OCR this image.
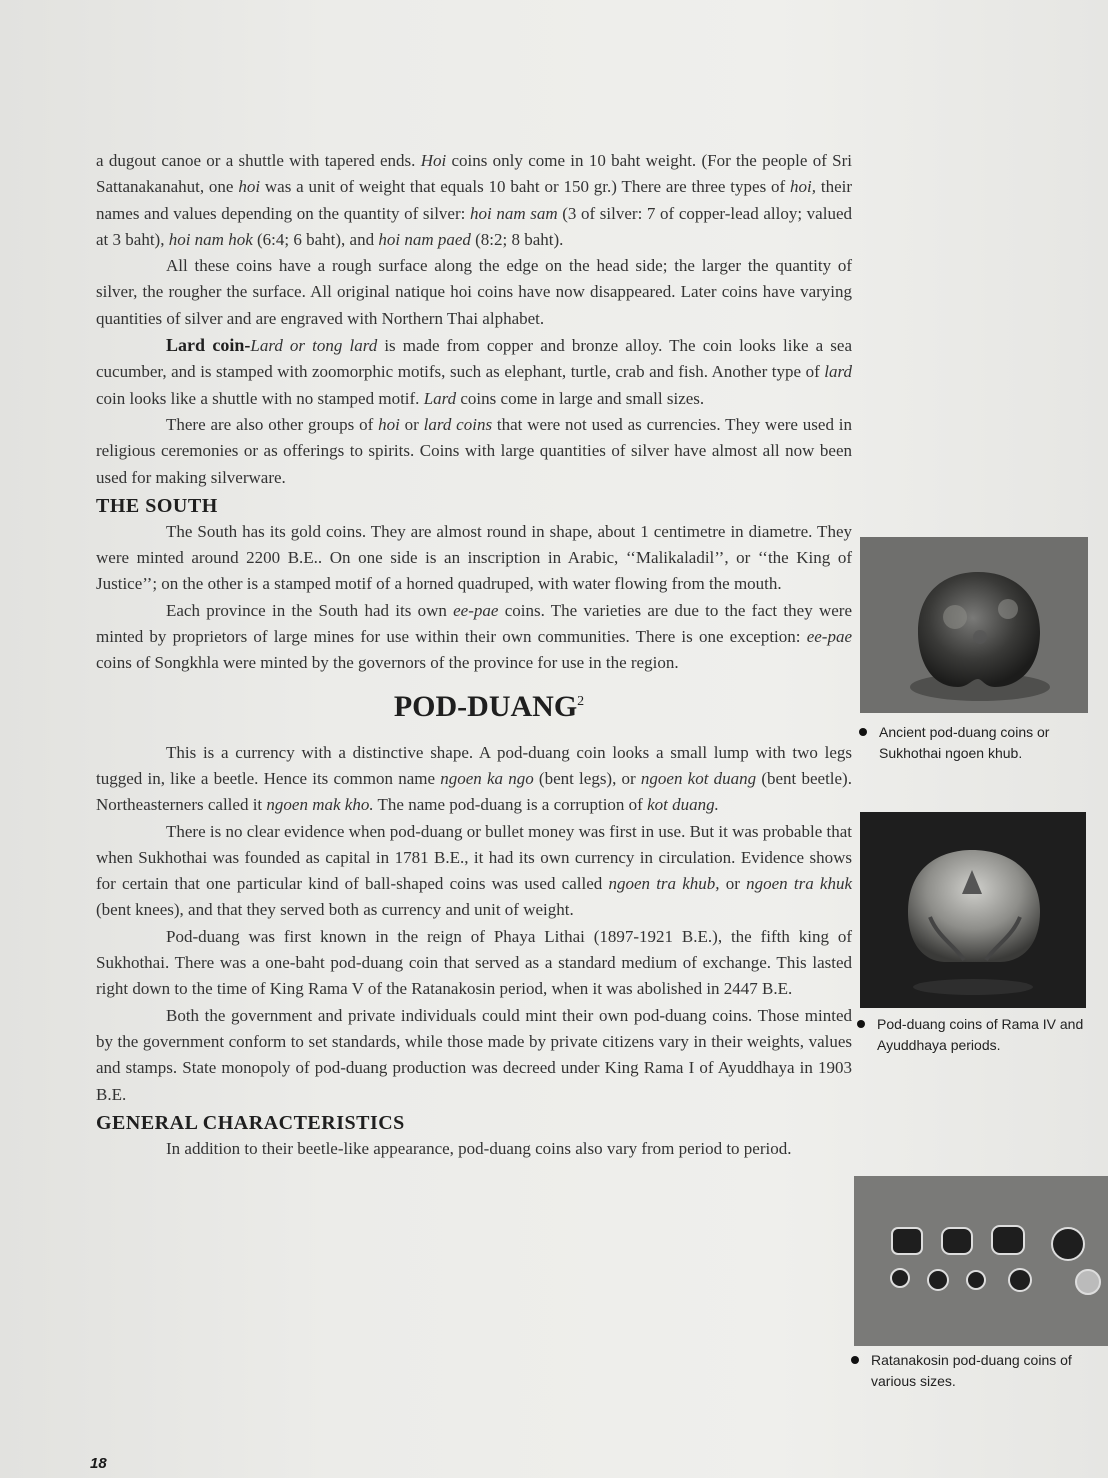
a dugout canoe or a shuttle with tapered ends. Hoi coins only come in 10 baht weight. (For the people of Sri Sattanakanahut, one hoi was a unit of weight that equals 10 baht or 150 gr.) There are three types of hoi, their names and values depending on the quantity of silver: hoi nam sam (3 of silver: 7 of copper-lead alloy; valued at 3 baht), hoi nam hok (6:4; 6 baht), and hoi nam paed (8:2; 8 baht).

All these coins have a rough surface along the edge on the head side; the larger the quantity of silver, the rougher the surface. All original natique hoi coins have now disappeared. Later coins have varying quantities of silver and are engraved with Northern Thai alphabet.

Lard coin-Lard or tong lard is made from copper and bronze alloy. The coin looks like a sea cucumber, and is stamped with zoomorphic motifs, such as elephant, turtle, crab and fish. Another type of lard coin looks like a shuttle with no stamped motif. Lard coins come in large and small sizes.

There are also other groups of hoi or lard coins that were not used as currencies. They were used in religious ceremonies or as offerings to spirits. Coins with large quantities of silver have almost all now been used for making silverware.

THE SOUTH

The South has its gold coins. They are almost round in shape, about 1 centimetre in diametre. They were minted around 2200 B.E.. On one side is an inscription in Arabic, ‘‘Malikaladil’’, or ‘‘the King of Justice’’; on the other is a stamped motif of a horned quadruped, with water flowing from the mouth.

Each province in the South had its own ee-pae coins. The varieties are due to the fact they were minted by proprietors of large mines for use within their own communities. There is one exception: ee-pae coins of Songkhla were minted by the governors of the province for use in the region.

POD-DUANG$^2$

This is a currency with a distinctive shape. A pod-duang coin looks a small lump with two legs tugged in, like a beetle. Hence its common name ngoen ka ngo (bent legs), or ngoen kot duang (bent beetle). Northeasterners called it ngoen mak kho. The name pod-duang is a corruption of kot duang.

There is no clear evidence when pod-duang or bullet money was first in use. But it was probable that when Sukhothai was founded as capital in 1781 B.E., it had its own currency in circulation. Evidence shows for certain that one particular kind of ball-shaped coins was used called ngoen tra khub, or ngoen tra khuk (bent knees), and that they served both as currency and unit of weight.

Pod-duang was first known in the reign of Phaya Lithai (1897-1921 B.E.), the fifth king of Sukhothai. There was a one-baht pod-duang coin that served as a standard medium of exchange. This lasted right down to the time of King Rama V of the Ratanakosin period, when it was abolished in 2447 B.E.

Both the government and private individuals could mint their own pod-duang coins. Those minted by the government conform to set standards, while those made by private citizens vary in their weights, values and stamps. State monopoly of pod-duang production was decreed under King Rama I of Ayuddhaya in 1903 B.E.

GENERAL CHARACTERISTICS

In addition to their beetle-like appearance, pod-duang coins also vary from period to period.

Ancient pod-duang coins or Sukhothai ngoen khub.
Pod-duang coins of Rama IV and Ayuddhaya periods.
Ratanakosin pod-duang coins of various sizes.
18
